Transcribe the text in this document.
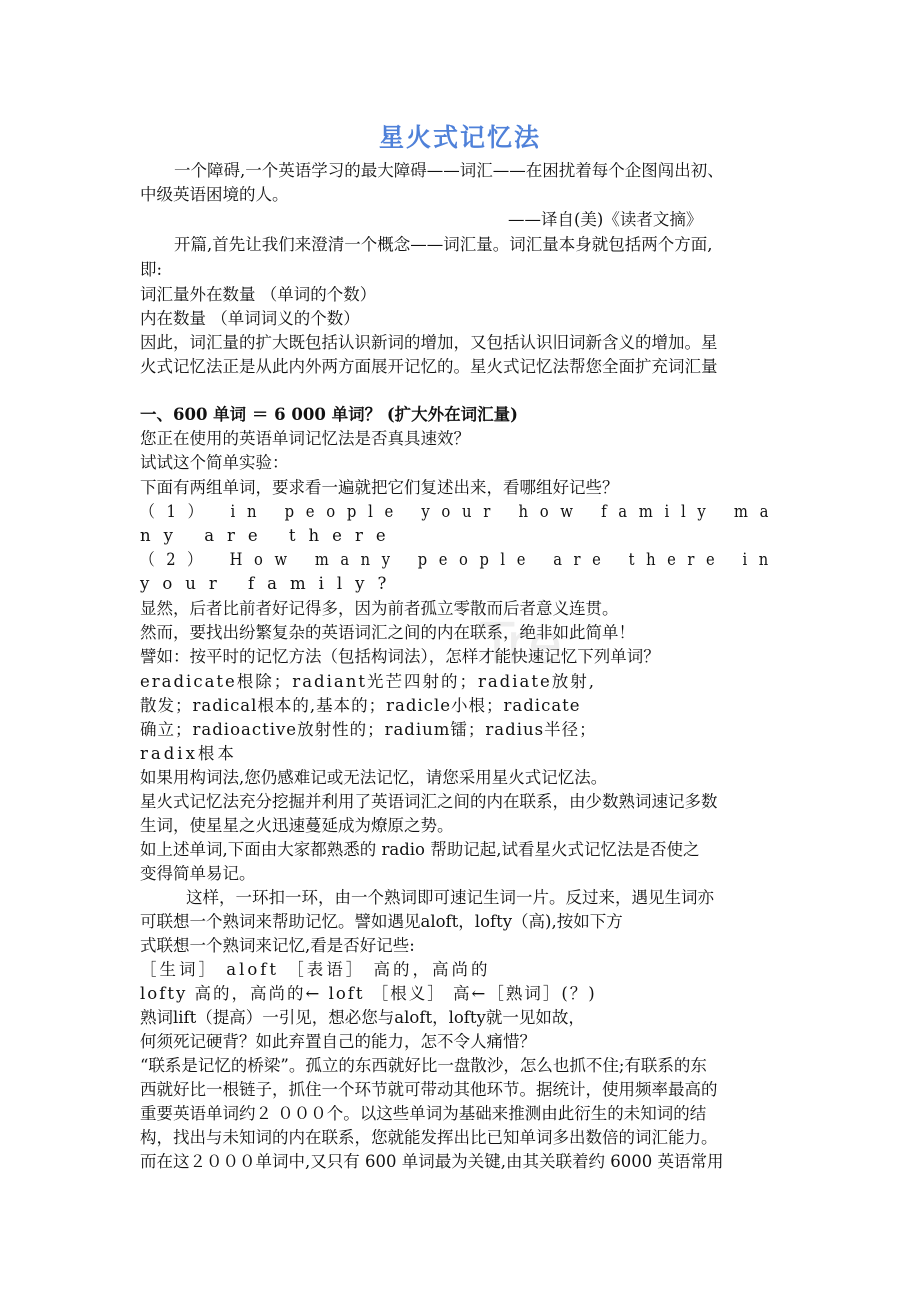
Tre
星火式记忆法
一个障碍,一个英语学习的最大障碍——词汇——在困扰着每个企图闯出初、
中级英语困境的人。
——译自(美)《读者文摘》
开篇,首先让我们来澄清一个概念——词汇量。词汇量本身就包括两个方面,
即:
词汇量外在数量 （单词的个数）
内在数量 （单词词义的个数）
因此，词汇量的扩大既包括认识新词的增加，又包括认识旧词新含义的增加。星
火式记忆法正是从此内外两方面展开记忆的。星火式记忆法帮您全面扩充词汇量
一、600 单词 ＝ 6 000 单词？ (扩大外在词汇量)
您正在使用的英语单词记忆法是否真具速效？
试试这个简单实验：
下面有两组单词，要求看一遍就把它们复述出来，看哪组好记些？
（1） in people your how family ma
ny are there
（2） How many people are there in
your family?
显然，后者比前者好记得多，因为前者孤立零散而后者意义连贯。
然而，要找出纷繁复杂的英语词汇之间的内在联系，绝非如此简单！
譬如：按平时的记忆方法（包括构词法），怎样才能快速记忆下列单词？
eradicate根除；radiant光芒四射的；radiate放射,
散发；radical根本的,基本的；radicle小根；radicate
确立；radioactive放射性的；radium镭；radius半径；
radix根本
如果用构词法,您仍感难记或无法记忆，请您采用星火式记忆法。
星火式记忆法充分挖掘并利用了英语词汇之间的内在联系，由少数熟词速记多数
生词，使星星之火迅速蔓延成为燎原之势。
如上述单词,下面由大家都熟悉的 radio 帮助记起,试看星火式记忆法是否使之
变得简单易记。
这样，一环扣一环，由一个熟词即可速记生词一片。反过来，遇见生词亦
可联想一个熟词来帮助记忆。譬如遇见aloft，lofty（高),按如下方
式联想一个熟词来记忆,看是否好记些:
［生词］ aloft ［表语］ 高的，高尚的
lofty 高的，高尚的← loft ［根义］ 高←［熟词］(？)
熟词lift（提高）一引见，想必您与aloft，lofty就一见如故，
何须死记硬背？如此弃置自己的能力，怎不令人痛惜？
“联系是记忆的桥梁”。孤立的东西就好比一盘散沙，怎么也抓不住;有联系的东
西就好比一根链子，抓住一个环节就可带动其他环节。据统计，使用频率最高的
重要英语单词约２ ０００个。以这些单词为基础来推测由此衍生的未知词的结
构，找出与未知词的内在联系，您就能发挥出比已知单词多出数倍的词汇能力。
而在这２０００单词中,又只有 600 单词最为关键,由其关联着约 6000 英语常用
